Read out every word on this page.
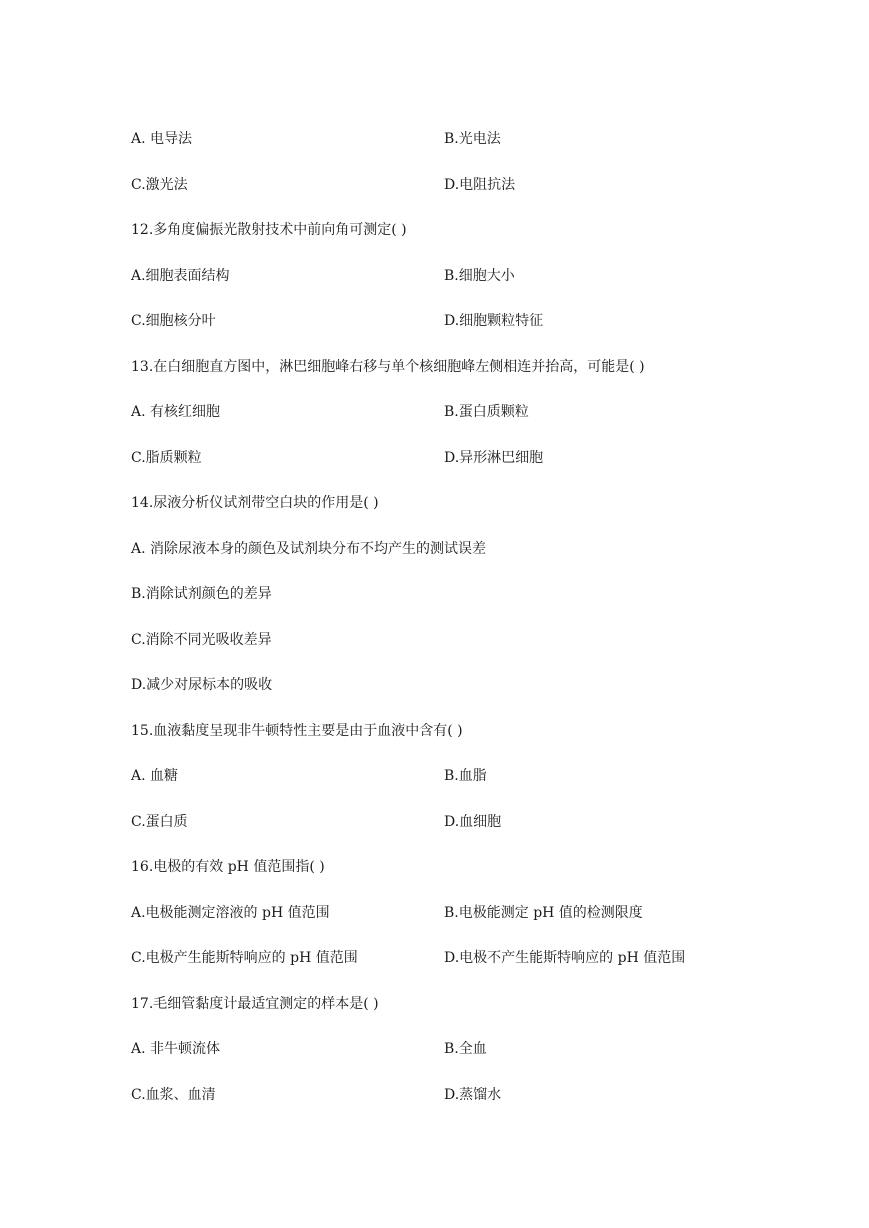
A. 电导法	B.光电法
C.激光法	D.电阻抗法
12.多角度偏振光散射技术中前向角可测定( )
A.细胞表面结构	B.细胞大小
C.细胞核分叶	D.细胞颗粒特征
13.在白细胞直方图中，淋巴细胞峰右移与单个核细胞峰左侧相连并抬高，可能是( )
A. 有核红细胞	B.蛋白质颗粒
C.脂质颗粒	D.异形淋巴细胞
14.尿液分析仪试剂带空白块的作用是( )
A. 消除尿液本身的颜色及试剂块分布不均产生的测试误差
B.消除试剂颜色的差异
C.消除不同光吸收差异
D.减少对尿标本的吸收
15.血液黏度呈现非牛顿特性主要是由于血液中含有( )
A. 血糖	B.血脂
C.蛋白质	D.血细胞
16.电极的有效 pH 值范围指( )
A.电极能测定溶液的 pH 值范围	B.电极能测定 pH 值的检测限度
C.电极产生能斯特响应的 pH 值范围	D.电极不产生能斯特响应的 pH 值范围
17.毛细管黏度计最适宜测定的样本是( )
A. 非牛顿流体	B.全血
C.血浆、血清	D.蒸馏水
